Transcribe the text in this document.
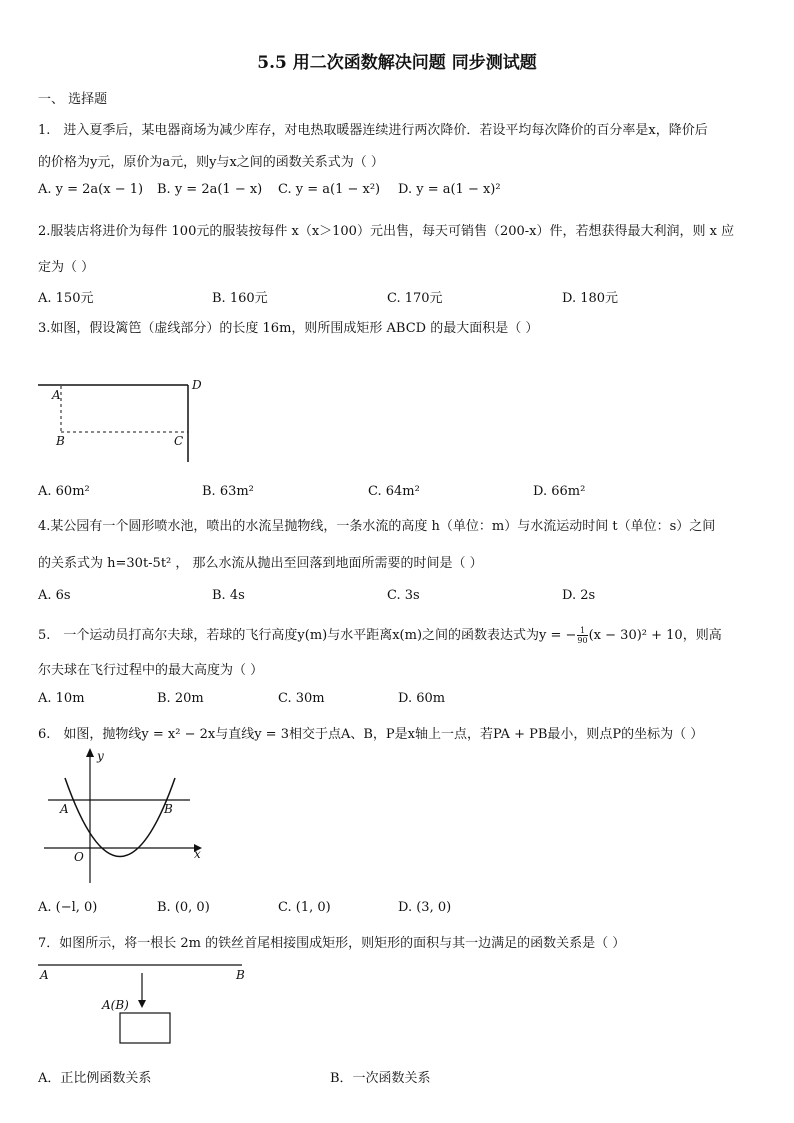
5.5 用二次函数解决问题 同步测试题
一、 选择题
1.　进入夏季后，某电器商场为减少库存，对电热取暖器连续进行两次降价．若设平均每次降价的百分率是x，降价后
的价格为y元，原价为a元，则y与x之间的函数关系式为（ ）
A. y = 2a(x − 1) B. y = 2a(1 − x) C. y = a(1 − x²) D. y = a(1 − x)²
2.服装店将进价为每件 100元的服装按每件 x（x＞100）元出售，每天可销售（200-x）件，若想获得最大利润，则 x 应
定为（ ）
A. 150元	B. 160元	C. 170元	D. 180元
3.如图，假设篱笆（虚线部分）的长度 16m，则所围成矩形 ABCD 的最大面积是（ ）
A
D
B	C
A. 60m²	B. 63m²	C. 64m²	D. 66m²
4.某公园有一个圆形喷水池，喷出的水流呈抛物线，一条水流的高度 h（单位：m）与水流运动时间 t（单位：s）之间
的关系式为 h=30t-5t² ， 那么水流从抛出至回落到地面所需要的时间是（ ）
A. 6s	B. 4s	C. 3s	D. 2s
5.　一个运动员打高尔夫球，若球的飞行高度y(m)与水平距离x(m)之间的函数表达式为y = − $\frac{1}{90} (x - 30)^2 + 10$，则高
尔夫球在飞行过程中的最大高度为（ ）
A. 10m	B. 20m	C. 30m	D. 60m
6.　如图，抛物线y = x² − 2x与直线y = 3相交于点A、B，P是x轴上一点，若PA + PB最小，则点P的坐标为（ ）
y
x
O
A	B
A. (−l, 0)	B. (0, 0)	C. (1, 0)	D. (3, 0)
7．如图所示，将一根长 2m 的铁丝首尾相接围成矩形，则矩形的面积与其一边满足的函数关系是（ ）
A	B
A(B)
A．正比例函数关系	B．一次函数关系
